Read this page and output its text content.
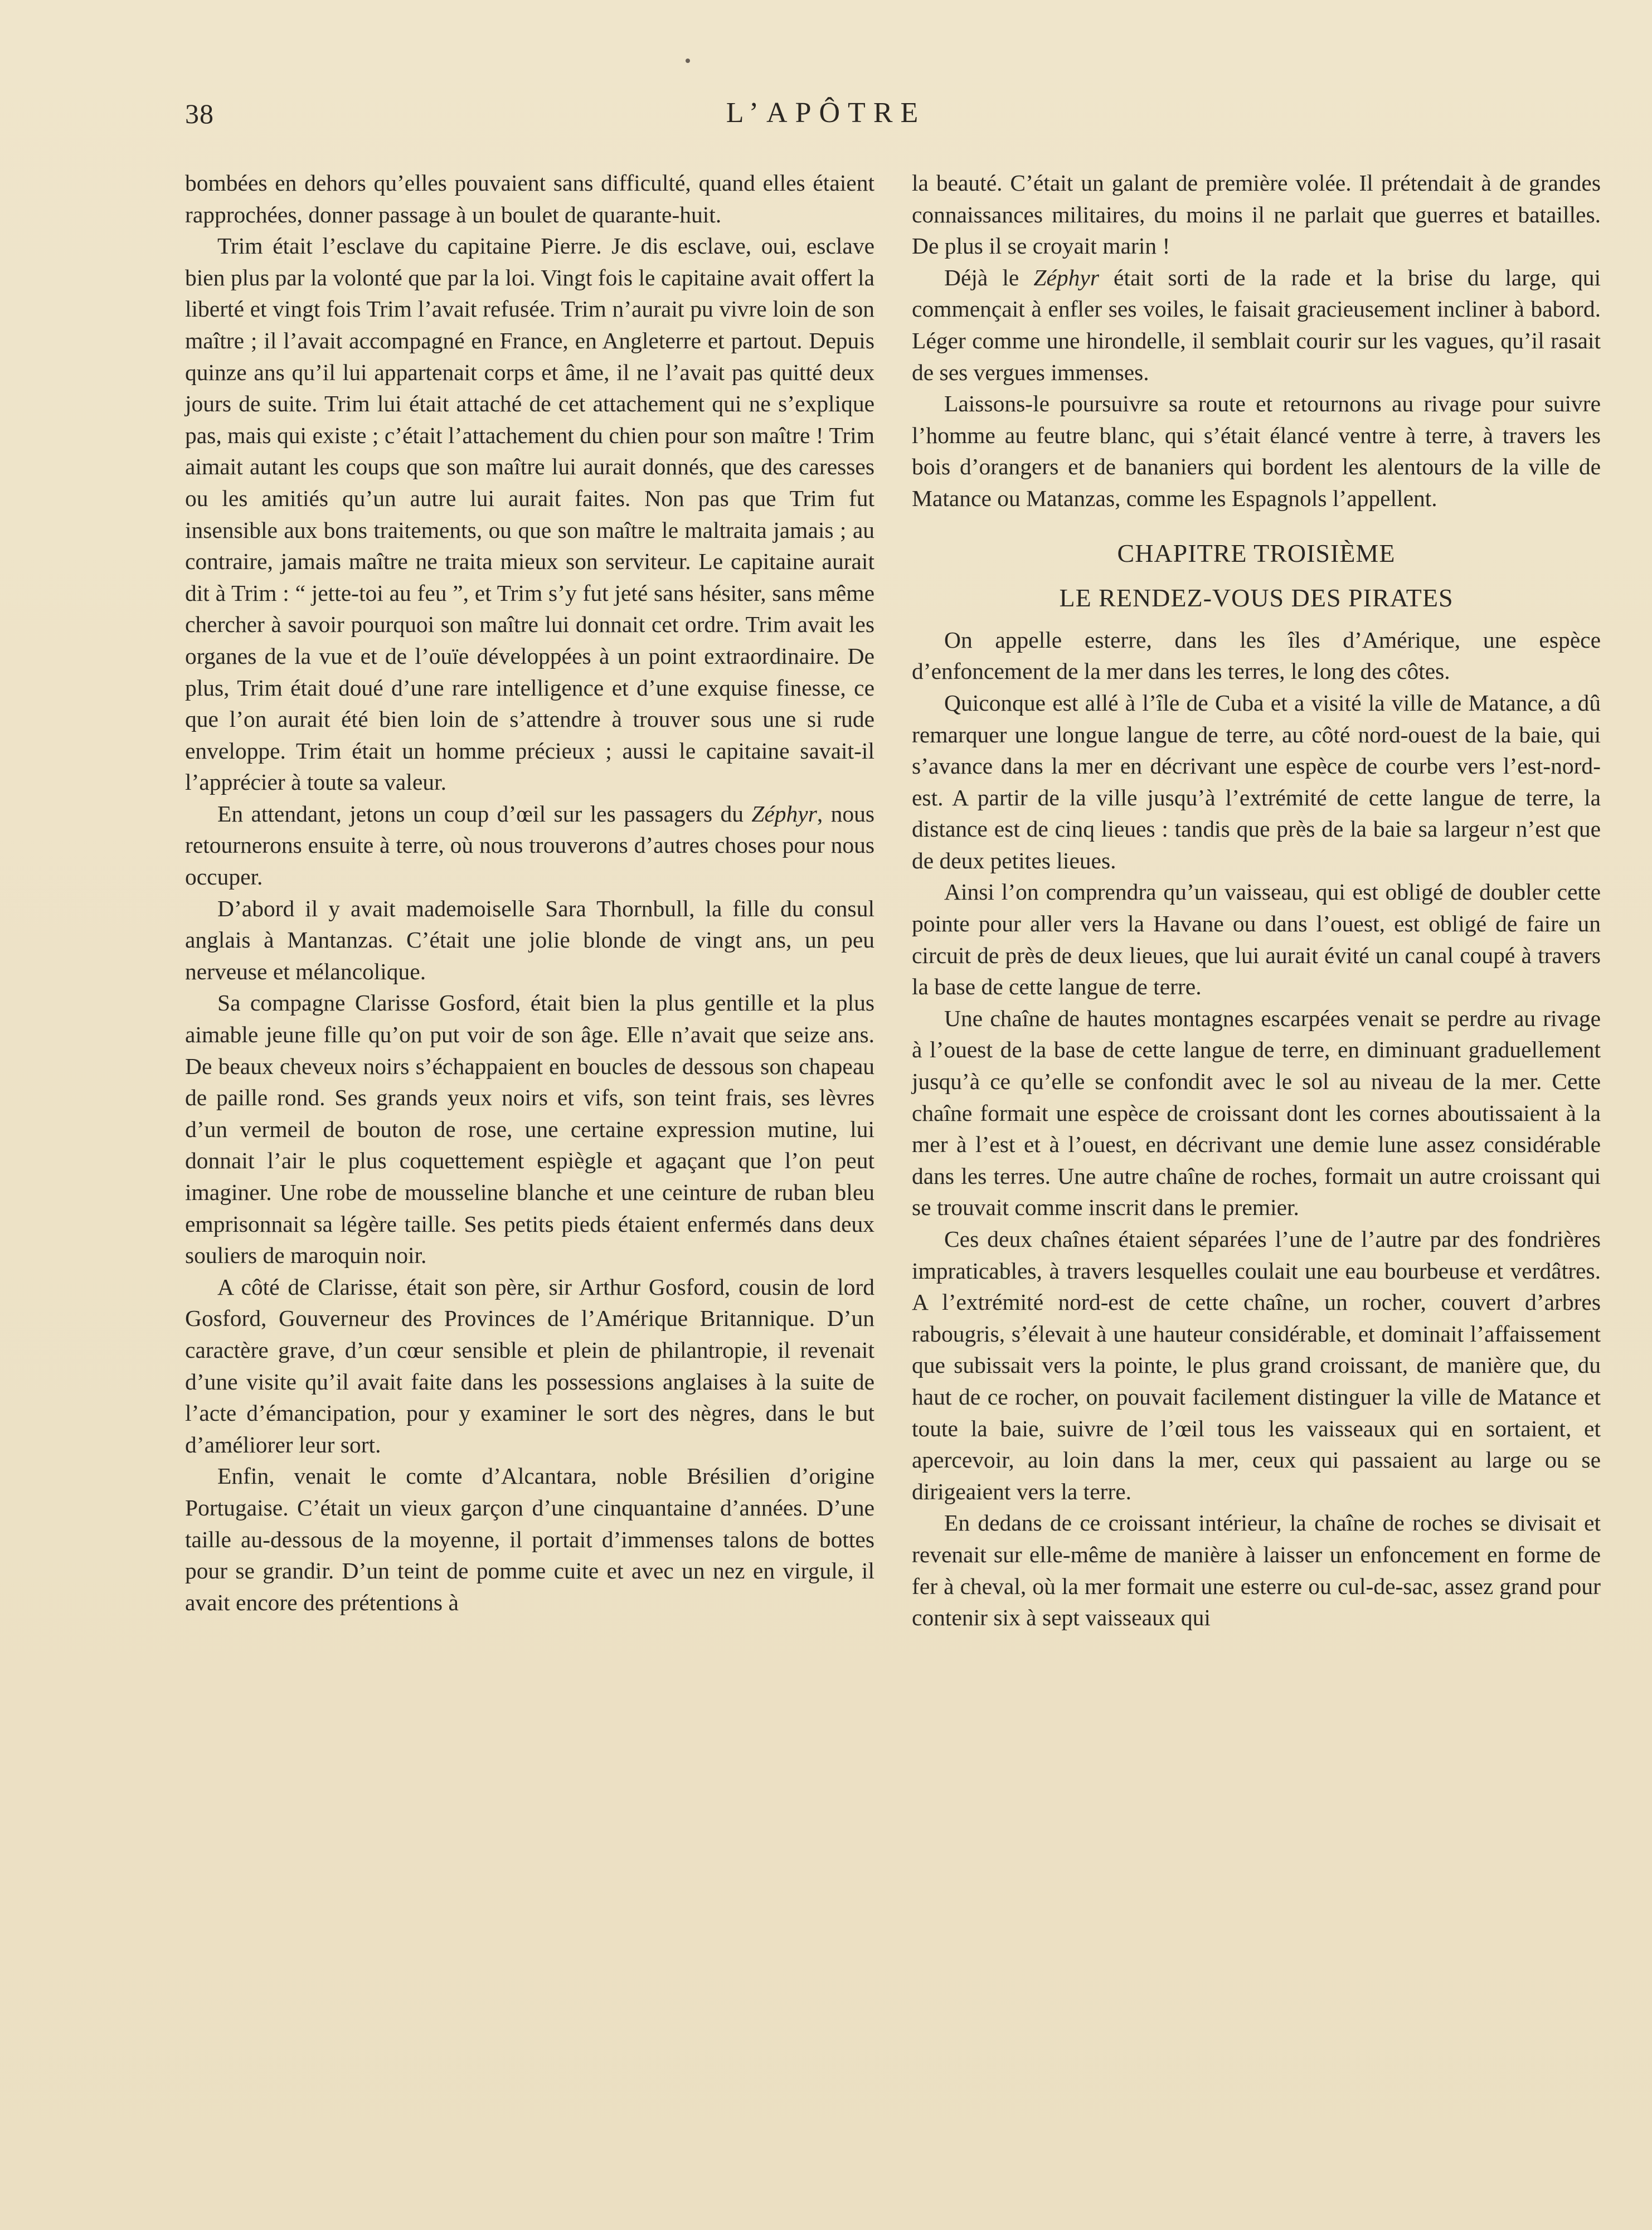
38	L’APÔTRE

bombées en dehors qu’elles pouvaient sans difficulté, quand elles étaient rapprochées, donner passage à un boulet de quarante-huit.

Trim était l’esclave du capitaine Pierre. Je dis esclave, oui, esclave bien plus par la volonté que par la loi. Vingt fois le capitaine avait offert la liberté et vingt fois Trim l’avait refusée. Trim n’aurait pu vivre loin de son maître ; il l’avait accompagné en France, en Angleterre et partout. Depuis quinze ans qu’il lui appartenait corps et âme, il ne l’avait pas quitté deux jours de suite. Trim lui était attaché de cet attachement qui ne s’explique pas, mais qui existe ; c’était l’attachement du chien pour son maître ! Trim aimait autant les coups que son maître lui aurait donnés, que des caresses ou les amitiés qu’un autre lui aurait faites. Non pas que Trim fut insensible aux bons traitements, ou que son maître le maltraita jamais ; au contraire, jamais maître ne traita mieux son serviteur. Le capitaine aurait dit à Trim : “ jette-toi au feu ”, et Trim s’y fut jeté sans hésiter, sans même chercher à savoir pourquoi son maître lui donnait cet ordre. Trim avait les organes de la vue et de l’ouïe développées à un point extraordinaire. De plus, Trim était doué d’une rare intelligence et d’une exquise finesse, ce que l’on aurait été bien loin de s’attendre à trouver sous une si rude enveloppe. Trim était un homme précieux ; aussi le capitaine savait-il l’apprécier à toute sa valeur.

En attendant, jetons un coup d’œil sur les passagers du Zéphyr, nous retournerons ensuite à terre, où nous trouverons d’autres choses pour nous occuper.

D’abord il y avait mademoiselle Sara Thornbull, la fille du consul anglais à Mantanzas. C’était une jolie blonde de vingt ans, un peu nerveuse et mélancolique.

Sa compagne Clarisse Gosford, était bien la plus gentille et la plus aimable jeune fille qu’on put voir de son âge. Elle n’avait que seize ans. De beaux cheveux noirs s’échappaient en boucles de dessous son chapeau de paille rond. Ses grands yeux noirs et vifs, son teint frais, ses lèvres d’un vermeil de bouton de rose, une certaine expression mutine, lui donnait l’air le plus coquettement espiègle et agaçant que l’on peut imaginer. Une robe de mousseline blanche et une ceinture de ruban bleu emprisonnait sa légère taille. Ses petits pieds étaient enfermés dans deux souliers de maroquin noir.

A côté de Clarisse, était son père, sir Arthur Gosford, cousin de lord Gosford, Gouverneur des Provinces de l’Amérique Britannique. D’un caractère grave, d’un cœur sensible et plein de philantropie, il revenait d’une visite qu’il avait faite dans les possessions anglaises à la suite de l’acte d’émancipation, pour y examiner le sort des nègres, dans le but d’améliorer leur sort.

Enfin, venait le comte d’Alcantara, noble Brésilien d’origine Portugaise. C’était un vieux garçon d’une cinquantaine d’années. D’une taille au-dessous de la moyenne, il portait d’immenses talons de bottes pour se grandir. D’un teint de pomme cuite et avec un nez en virgule, il avait encore des prétentions à

la beauté. C’était un galant de première volée. Il prétendait à de grandes connaissances militaires, du moins il ne parlait que guerres et batailles. De plus il se croyait marin !

Déjà le Zéphyr était sorti de la rade et la brise du large, qui commençait à enfler ses voiles, le faisait gracieusement incliner à babord. Léger comme une hirondelle, il semblait courir sur les vagues, qu’il rasait de ses vergues immenses.

Laissons-le poursuivre sa route et retournons au rivage pour suivre l’homme au feutre blanc, qui s’était élancé ventre à terre, à travers les bois d’orangers et de bananiers qui bordent les alentours de la ville de Matance ou Matanzas, comme les Espagnols l’appellent.

CHAPITRE TROISIÈME

LE RENDEZ-VOUS DES PIRATES

On appelle esterre, dans les îles d’Amérique, une espèce d’enfoncement de la mer dans les terres, le long des côtes.

Quiconque est allé à l’île de Cuba et a visité la ville de Matance, a dû remarquer une longue langue de terre, au côté nord-ouest de la baie, qui s’avance dans la mer en décrivant une espèce de courbe vers l’est-nord-est. A partir de la ville jusqu’à l’extrémité de cette langue de terre, la distance est de cinq lieues : tandis que près de la baie sa largeur n’est que de deux petites lieues.

Ainsi l’on comprendra qu’un vaisseau, qui est obligé de doubler cette pointe pour aller vers la Havane ou dans l’ouest, est obligé de faire un circuit de près de deux lieues, que lui aurait évité un canal coupé à travers la base de cette langue de terre.

Une chaîne de hautes montagnes escarpées venait se perdre au rivage à l’ouest de la base de cette langue de terre, en diminuant graduellement jusqu’à ce qu’elle se confondit avec le sol au niveau de la mer. Cette chaîne formait une espèce de croissant dont les cornes aboutissaient à la mer à l’est et à l’ouest, en décrivant une demie lune assez considérable dans les terres. Une autre chaîne de roches, formait un autre croissant qui se trouvait comme inscrit dans le premier.

Ces deux chaînes étaient séparées l’une de l’autre par des fondrières impraticables, à travers lesquelles coulait une eau bourbeuse et verdâtres. A l’extrémité nord-est de cette chaîne, un rocher, couvert d’arbres rabougris, s’élevait à une hauteur considérable, et dominait l’affaissement que subissait vers la pointe, le plus grand croissant, de manière que, du haut de ce rocher, on pouvait facilement distinguer la ville de Matance et toute la baie, suivre de l’œil tous les vaisseaux qui en sortaient, et apercevoir, au loin dans la mer, ceux qui passaient au large ou se dirigeaient vers la terre.

En dedans de ce croissant intérieur, la chaîne de roches se divisait et revenait sur elle-même de manière à laisser un enfoncement en forme de fer à cheval, où la mer formait une esterre ou cul-de-sac, assez grand pour contenir six à sept vaisseaux qui
